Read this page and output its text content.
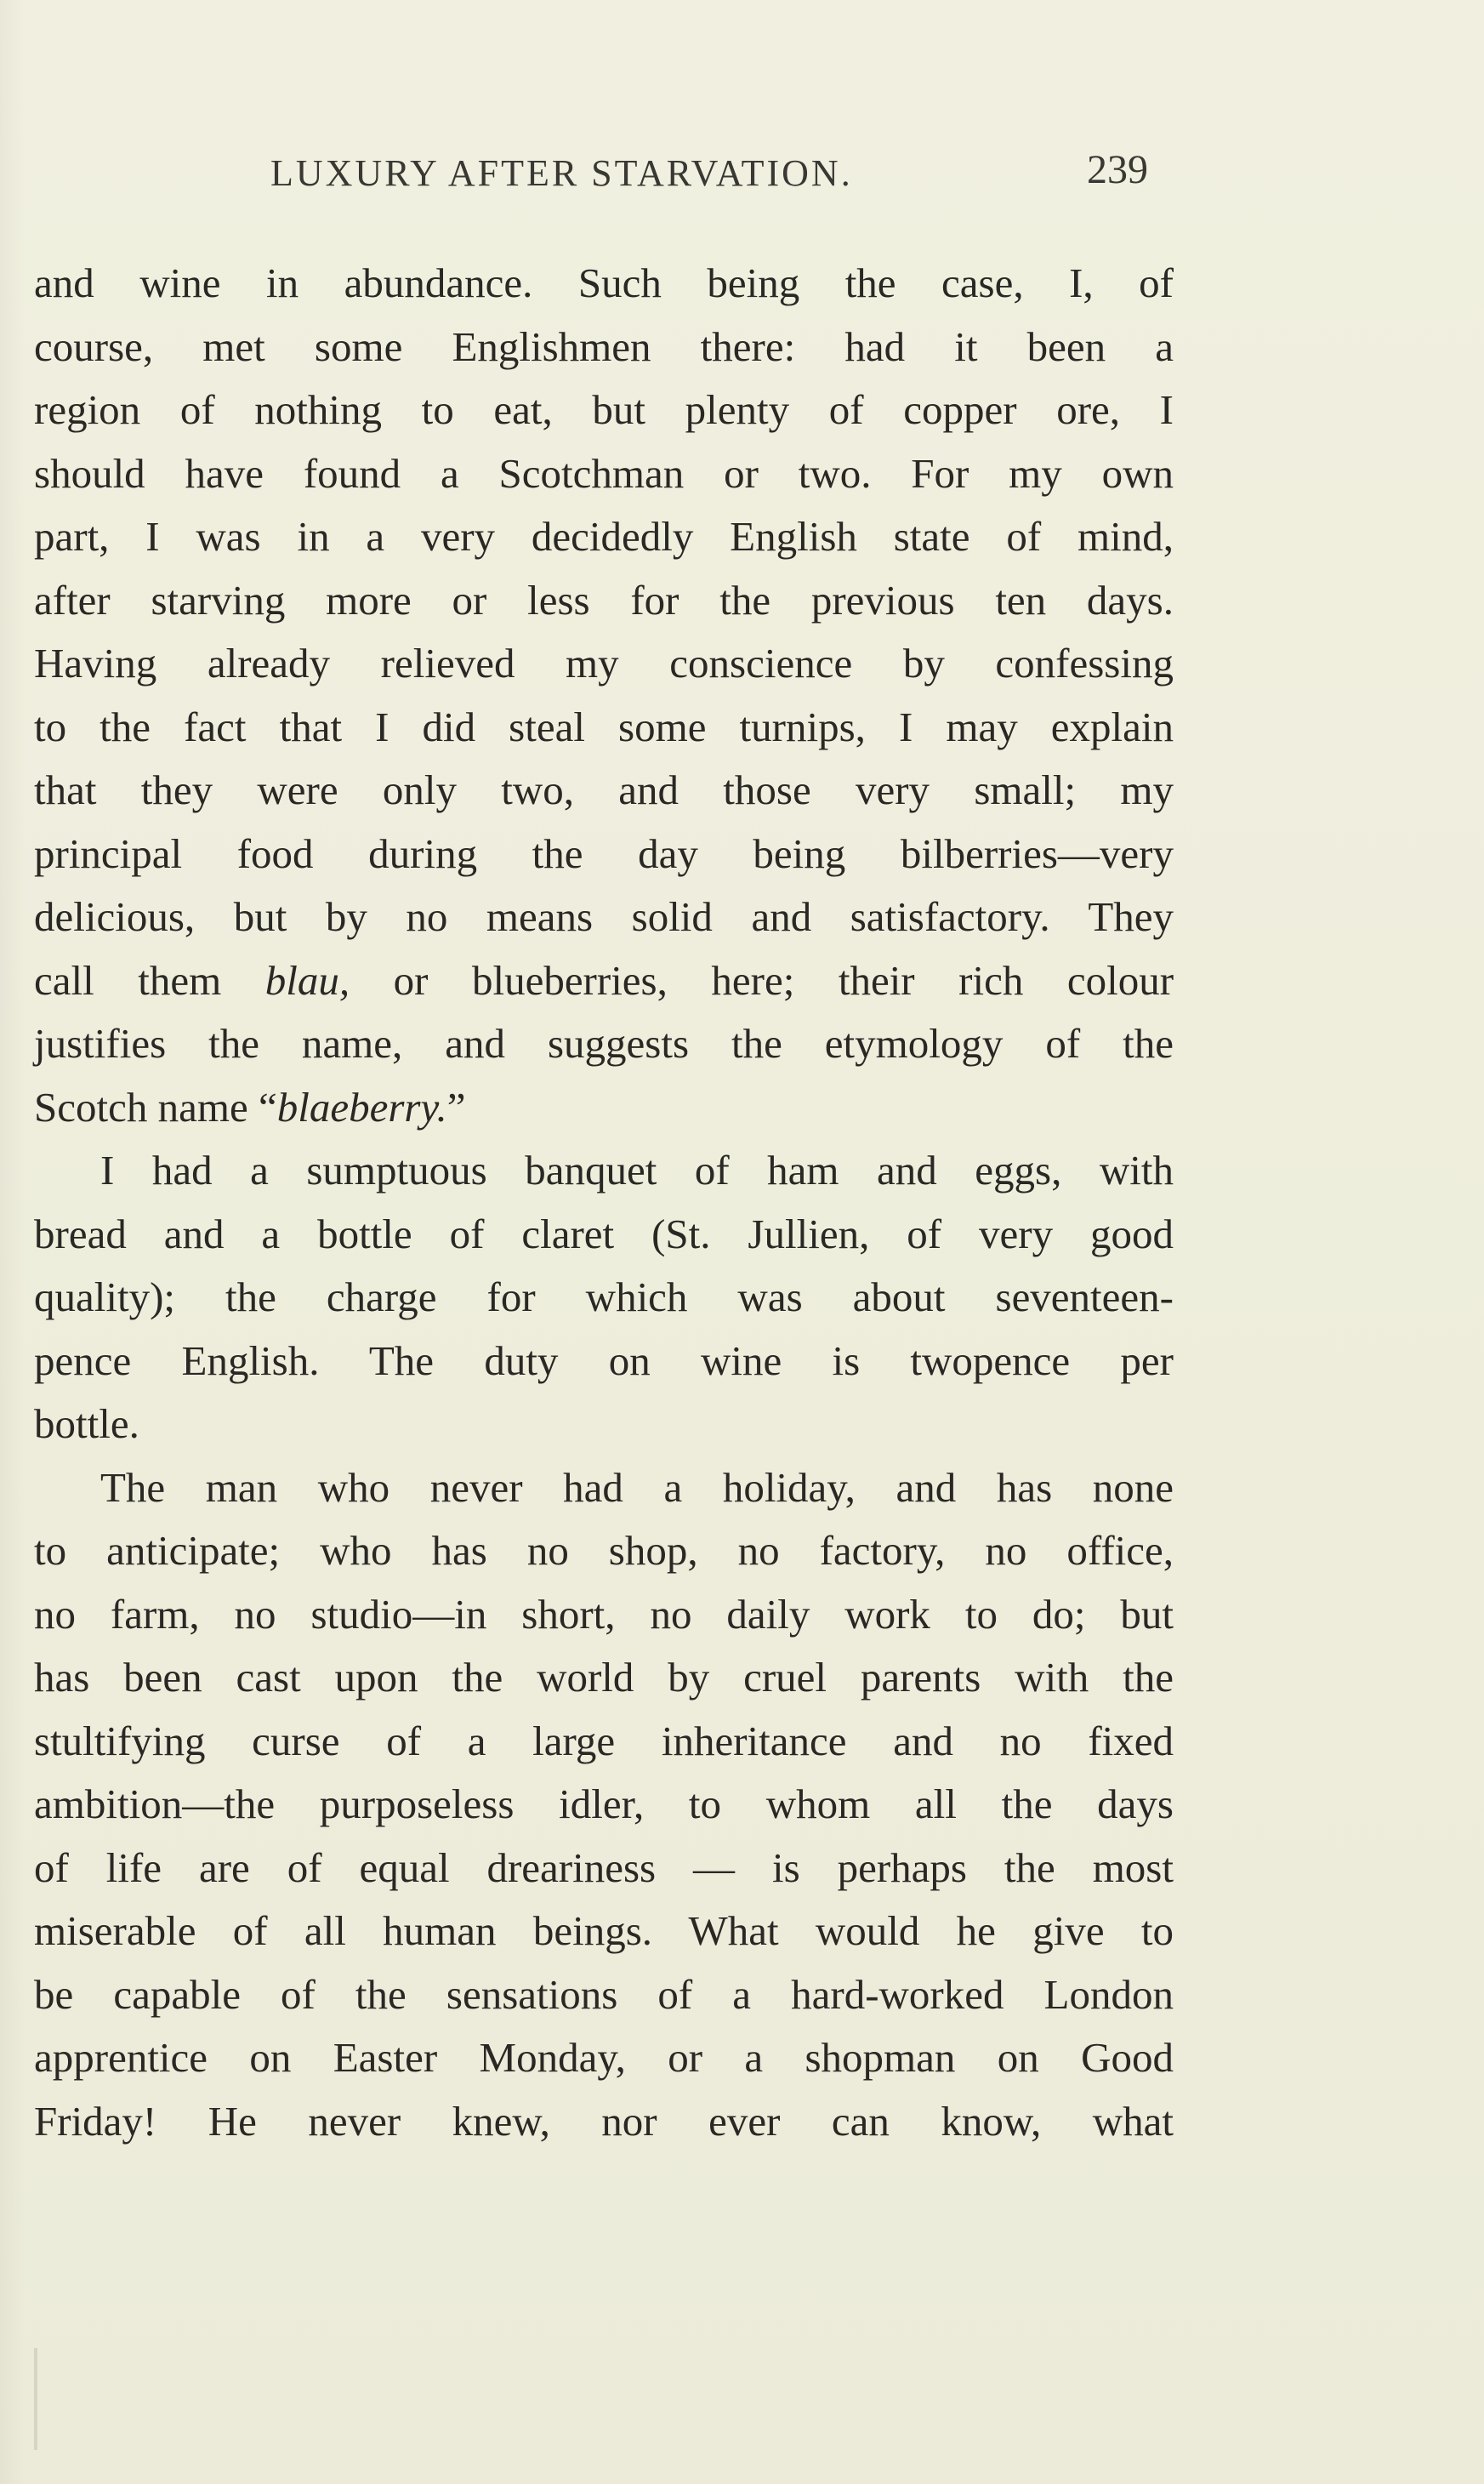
LUXURY AFTER STARVATION.	239
and wine in abundance. Such being the case, I, of
course, met some Englishmen there: had it been a
region of nothing to eat, but plenty of copper ore, I
should have found a Scotchman or two. For my own
part, I was in a very decidedly English state of mind,
after starving more or less for the previous ten days.
Having already relieved my conscience by confessing
to the fact that I did steal some turnips, I may explain
that they were only two, and those very small; my
principal food during the day being bilberries—very
delicious, but by no means solid and satisfactory. They
call them blau, or blueberries, here; their rich colour
justifies the name, and suggests the etymology of the
Scotch name “blaeberry.”
I had a sumptuous banquet of ham and eggs, with
bread and a bottle of claret (St. Jullien, of very good
quality); the charge for which was about seventeen-
pence English. The duty on wine is twopence per
bottle.
The man who never had a holiday, and has none
to anticipate; who has no shop, no factory, no office,
no farm, no studio—in short, no daily work to do; but
has been cast upon the world by cruel parents with the
stultifying curse of a large inheritance and no fixed
ambition—the purposeless idler, to whom all the days
of life are of equal dreariness — is perhaps the most
miserable of all human beings. What would he give to
be capable of the sensations of a hard-worked London
apprentice on Easter Monday, or a shopman on Good
Friday! He never knew, nor ever can know, what
